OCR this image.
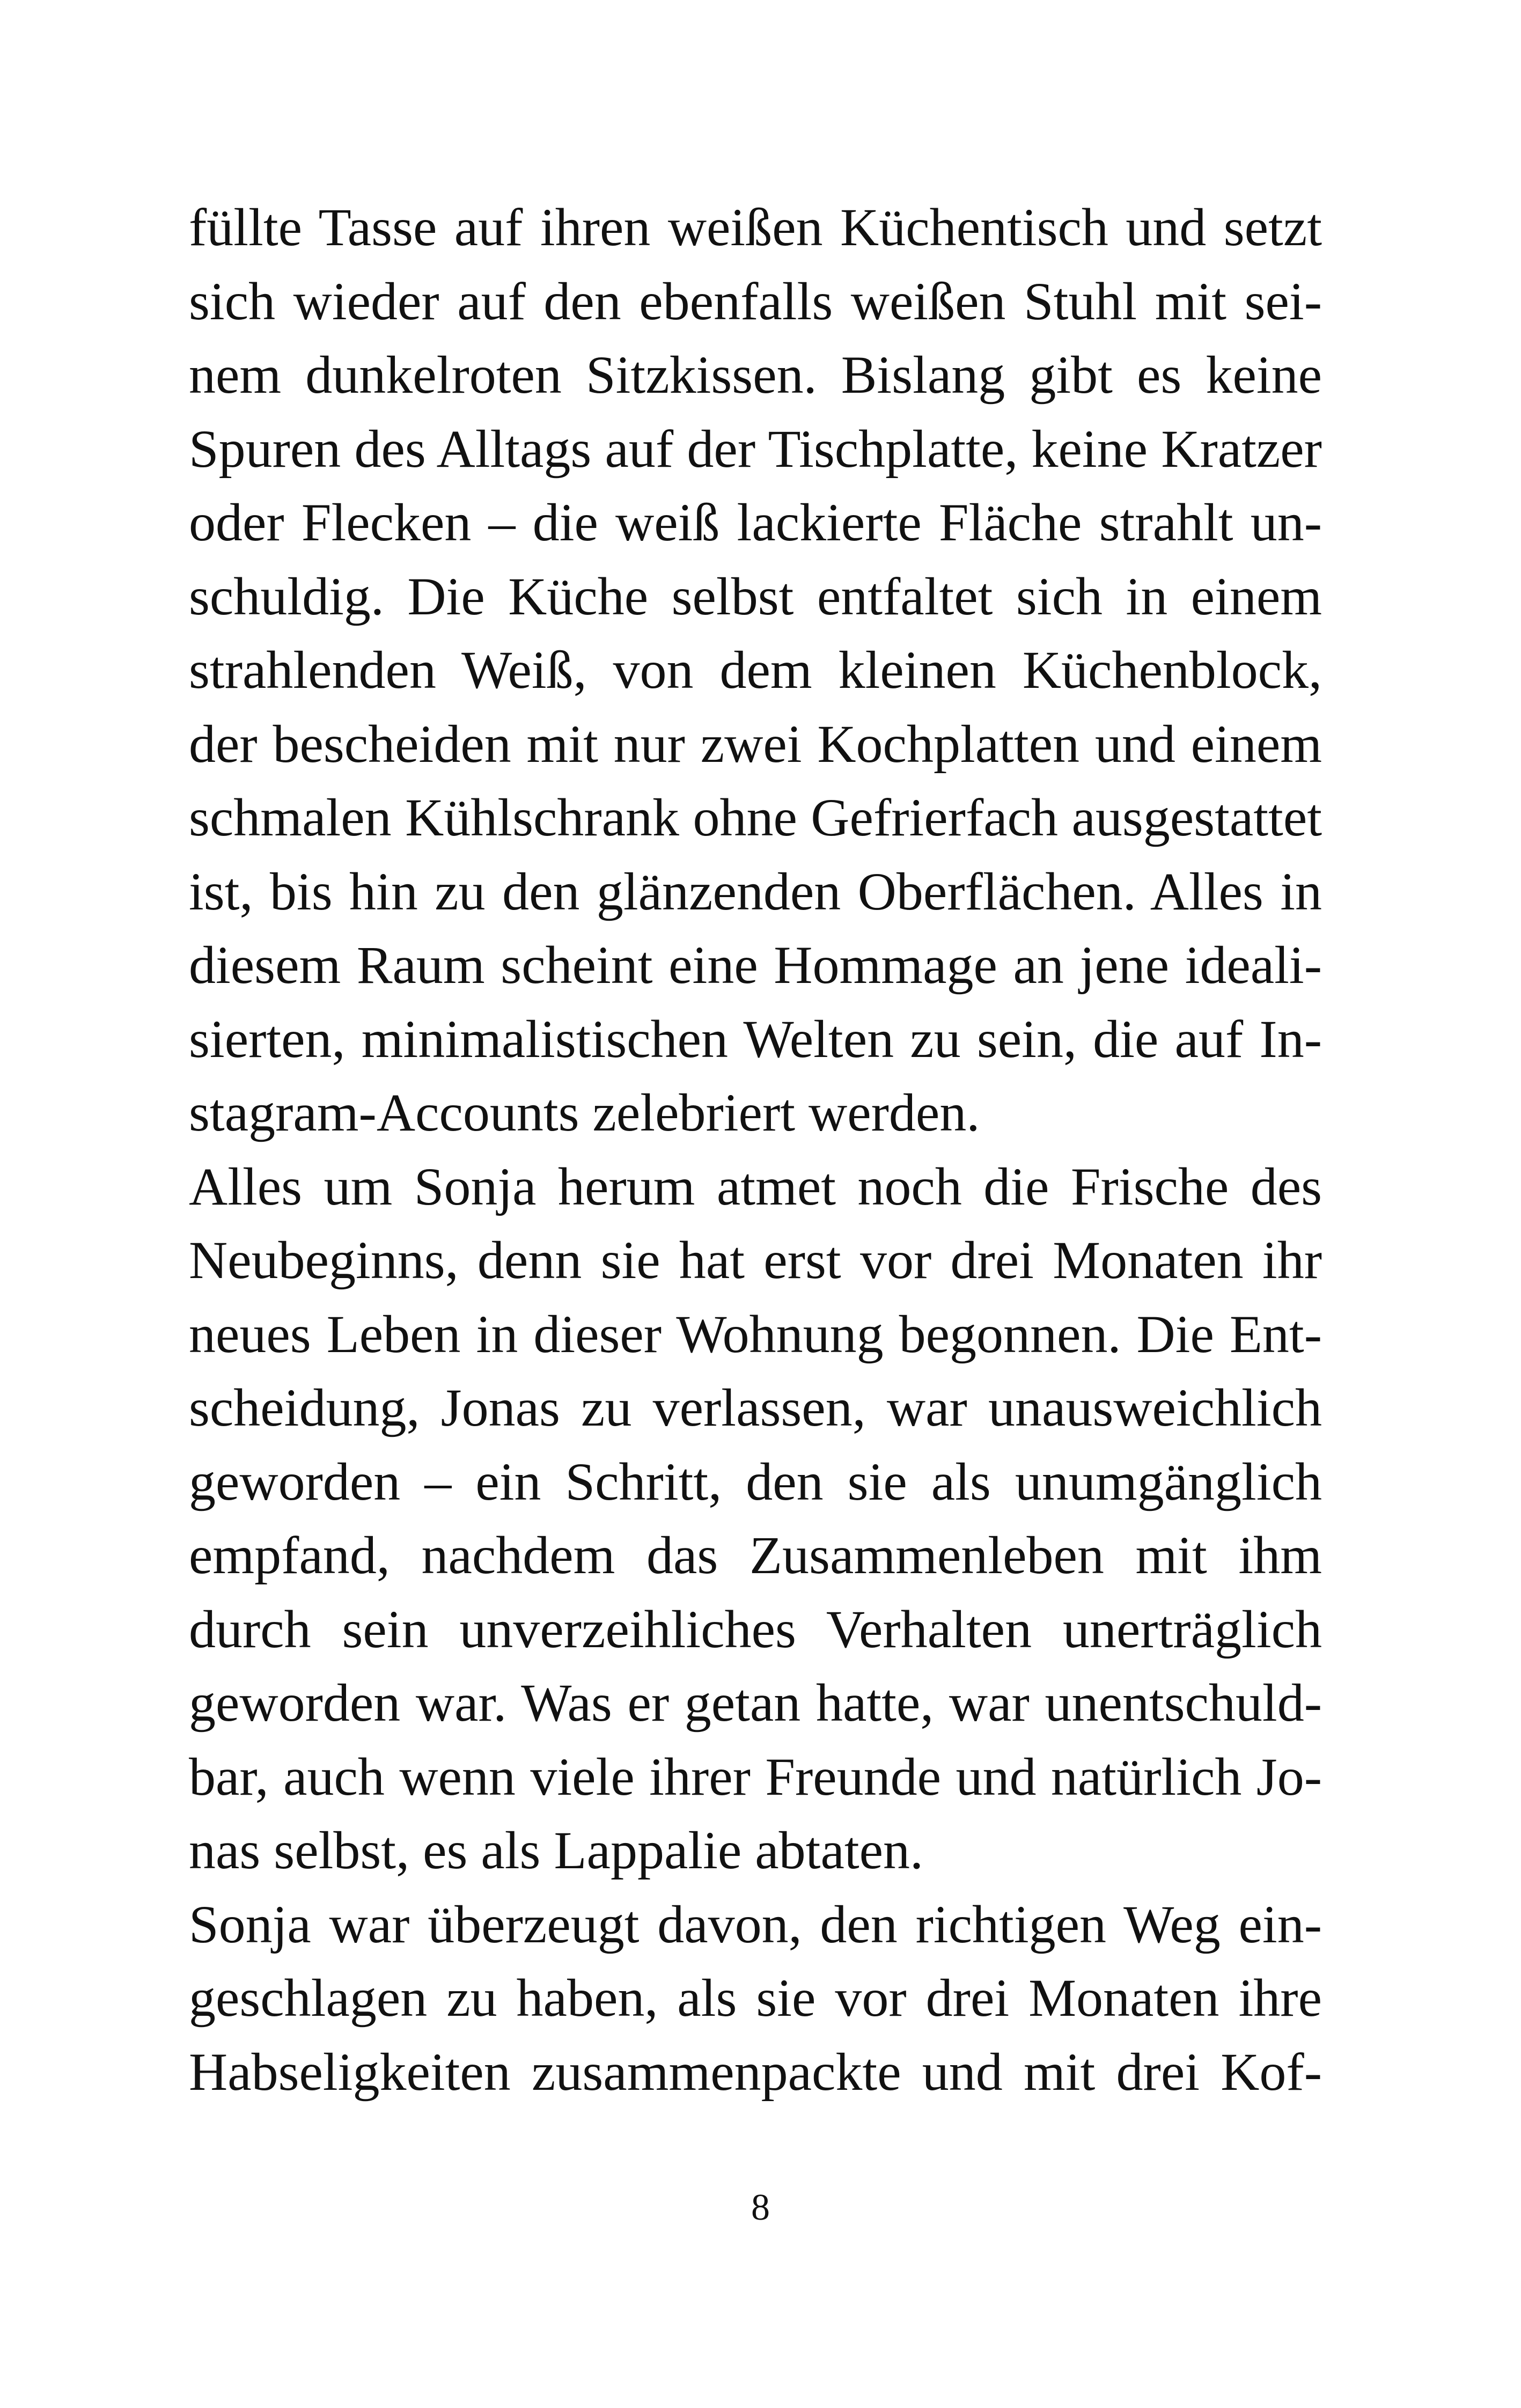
füllte Tasse auf ihren weißen Küchentisch und setzt
sich wieder auf den ebenfalls weißen Stuhl mit sei-
nem dunkelroten Sitzkissen. Bislang gibt es keine
Spuren des Alltags auf der Tischplatte, keine Kratzer
oder Flecken – die weiß lackierte Fläche strahlt un-
schuldig. Die Küche selbst entfaltet sich in einem
strahlenden Weiß, von dem kleinen Küchenblock,
der bescheiden mit nur zwei Kochplatten und einem
schmalen Kühlschrank ohne Gefrierfach ausgestattet
ist, bis hin zu den glänzenden Oberflächen. Alles in
diesem Raum scheint eine Hommage an jene ideali-
sierten, minimalistischen Welten zu sein, die auf In-
stagram-Accounts zelebriert werden.
Alles um Sonja herum atmet noch die Frische des
Neubeginns, denn sie hat erst vor drei Monaten ihr
neues Leben in dieser Wohnung begonnen. Die Ent-
scheidung, Jonas zu verlassen, war unausweichlich
geworden – ein Schritt, den sie als unumgänglich
empfand, nachdem das Zusammenleben mit ihm
durch sein unverzeihliches Verhalten unerträglich
geworden war. Was er getan hatte, war unentschuld-
bar, auch wenn viele ihrer Freunde und natürlich Jo-
nas selbst, es als Lappalie abtaten.
Sonja war überzeugt davon, den richtigen Weg ein-
geschlagen zu haben, als sie vor drei Monaten ihre
Habseligkeiten zusammenpackte und mit drei Kof-
8
